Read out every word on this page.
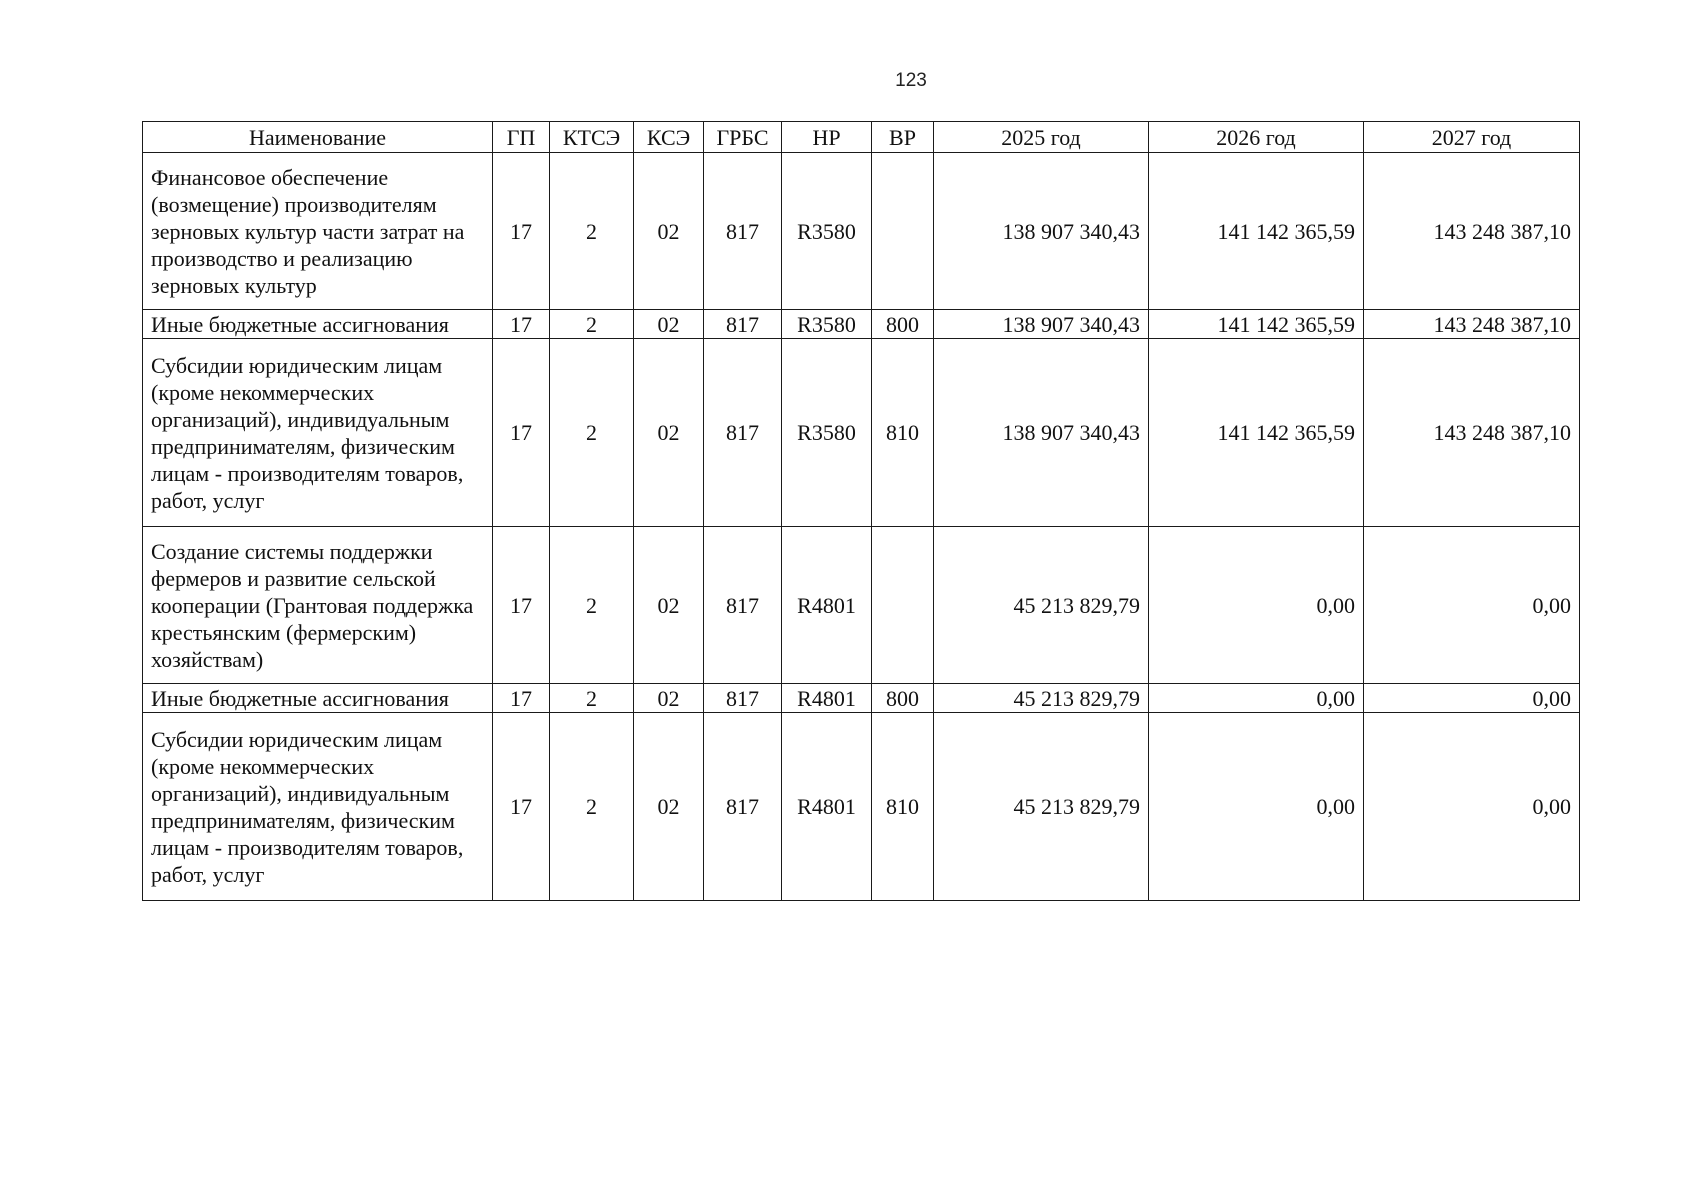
123
Наименование	ГП	КТСЭ	КСЭ	ГРБС	НР	ВР	2025 год	2026 год	2027 год
Финансовое обеспечение (возмещение) производителям зерновых культур части затрат на производство и реализацию зерновых культур	17	2	02	817	R3580		138 907 340,43	141 142 365,59	143 248 387,10
Иные бюджетные ассигнования	17	2	02	817	R3580	800	138 907 340,43	141 142 365,59	143 248 387,10
Субсидии юридическим лицам (кроме некоммерческих организаций), индивидуальным предпринимателям, физическим лицам - производителям товаров, работ, услуг	17	2	02	817	R3580	810	138 907 340,43	141 142 365,59	143 248 387,10
Создание системы поддержки фермеров и развитие сельской кооперации (Грантовая поддержка крестьянским (фермерским) хозяйствам)	17	2	02	817	R4801		45 213 829,79	0,00	0,00
Иные бюджетные ассигнования	17	2	02	817	R4801	800	45 213 829,79	0,00	0,00
Субсидии юридическим лицам (кроме некоммерческих организаций), индивидуальным предпринимателям, физическим лицам - производителям товаров, работ, услуг	17	2	02	817	R4801	810	45 213 829,79	0,00	0,00
